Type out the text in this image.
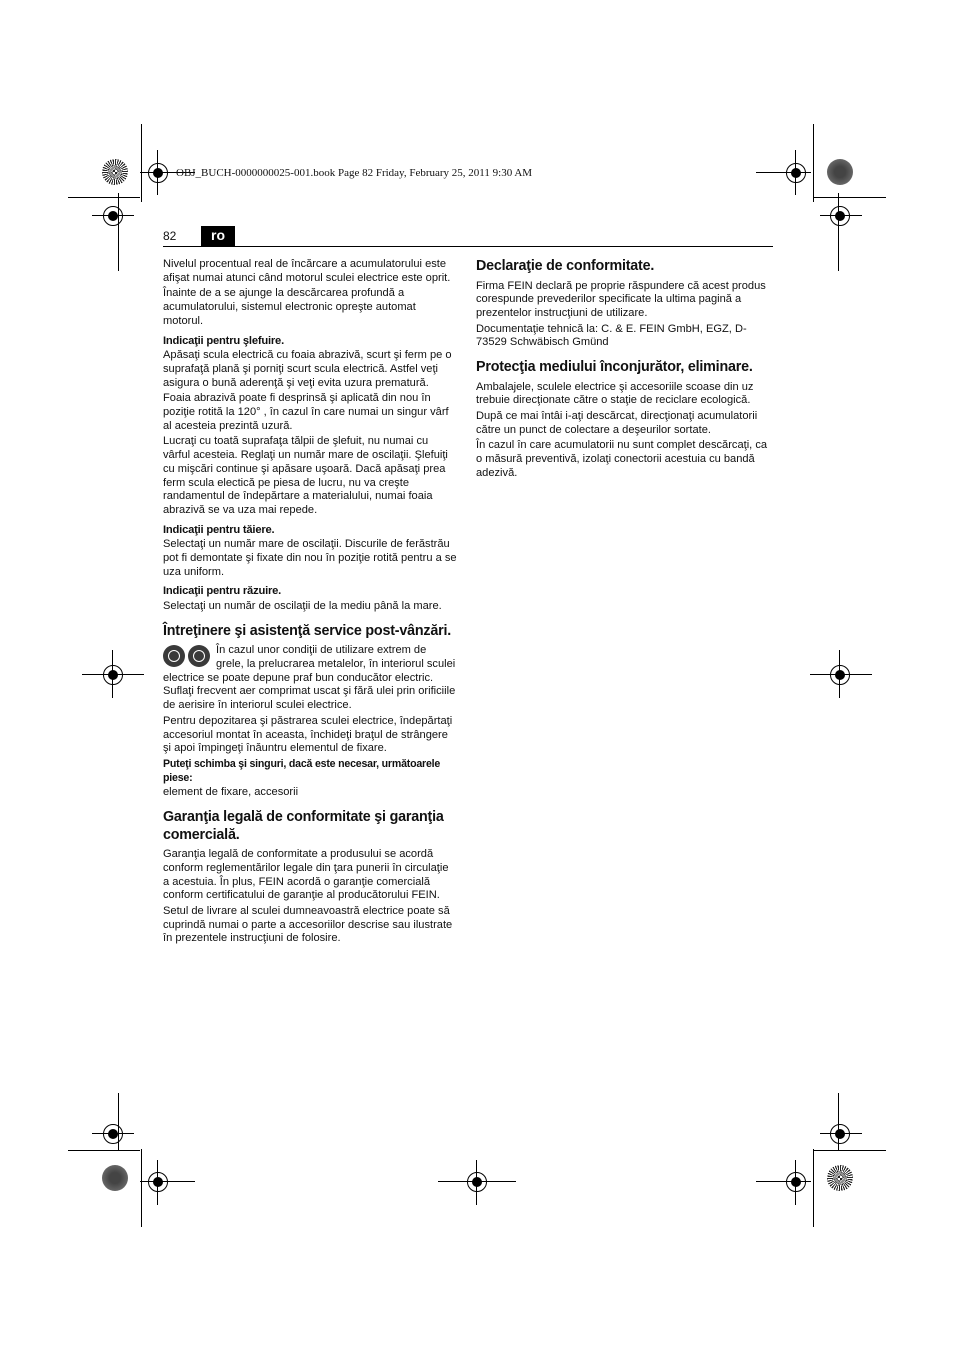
OBJ_BUCH-0000000025-001.book Page 82 Friday, February 25, 2011 9:30 AM
82	ro

Nivelul procentual real de încărcare a acumulatorului este afişat numai atunci când motorul sculei electrice este oprit.

Înainte de a se ajunge la descărcarea profundă a acumulatorului, sistemul electronic opreşte automat motorul.

Indicaţii pentru şlefuire.

Apăsaţi scula electrică cu foaia abrazivă, scurt şi ferm pe o suprafaţă plană şi porniţi scurt scula electrică. Astfel veţi asigura o bună aderenţă şi veţi evita uzura prematură.

Foaia abrazivă poate fi desprinsă şi aplicată din nou în poziţie rotită la 120° , în cazul în care numai un singur vârf al acesteia prezintă uzură.

Lucraţi cu toată suprafaţa tălpii de şlefuit, nu numai cu vârful acesteia. Reglaţi un număr mare de oscilaţii. Şlefuiţi cu mişcări continue şi apăsare uşoară. Dacă apăsaţi prea ferm scula electică pe piesa de lucru, nu va creşte randamentul de îndepărtare a materialului, numai foaia abrazivă se va uza mai repede.

Indicaţii pentru tăiere.

Selectaţi un număr mare de oscilaţii. Discurile de ferăstrău pot fi demontate şi fixate din nou în poziţie rotită pentru a se uza uniform.

Indicaţii pentru răzuire.

Selectaţi un număr de oscilaţii de la mediu până la mare.

Întreţinere şi asistenţă service post-vânzări.

În cazul unor condiţii de utilizare extrem de grele, la prelucrarea metalelor, în interiorul sculei electrice se poate depune praf bun conducător electric. Suflaţi frecvent aer comprimat uscat şi fără ulei prin orificiile de aerisire în interiorul sculei electrice.

Pentru depozitarea şi păstrarea sculei electrice, îndepărtaţi accesoriul montat în aceasta, închideţi braţul de strângere şi apoi împingeţi înăuntru elementul de fixare.

Puteţi schimba şi singuri, dacă este necesar, următoarele piese:

element de fixare, accesorii

Garanţia legală de conformitate şi garanţia comercială.

Garanţia legală de conformitate a produsului se acordă conform reglementărilor legale din ţara punerii în circulaţie a acestuia. În plus, FEIN acordă o garanţie comercială conform certificatului de garanţie al producătorului FEIN.

Setul de livrare al sculei dumneavoastră electrice poate să cuprindă numai o parte a accesoriilor descrise sau ilustrate în prezentele instrucţiuni de folosire.

Declaraţie de conformitate.

Firma FEIN declară pe proprie răspundere că acest produs corespunde prevederilor specificate la ultima pagină a prezentelor instrucţiuni de utilizare.

Documentaţie tehnică la: C. & E. FEIN GmbH, EGZ, D-73529 Schwäbisch Gmünd

Protecţia mediului înconjurător, eliminare.

Ambalajele, sculele electrice şi accesoriile scoase din uz trebuie direcţionate către o staţie de reciclare ecologică.

După ce mai întâi i-aţi descărcat, direcţionaţi acumulatorii către un punct de colectare a deşeurilor sortate.

În cazul în care acumulatorii nu sunt complet descărcaţi, ca o măsură preventivă, izolaţi conectorii acestuia cu bandă adezivă.
